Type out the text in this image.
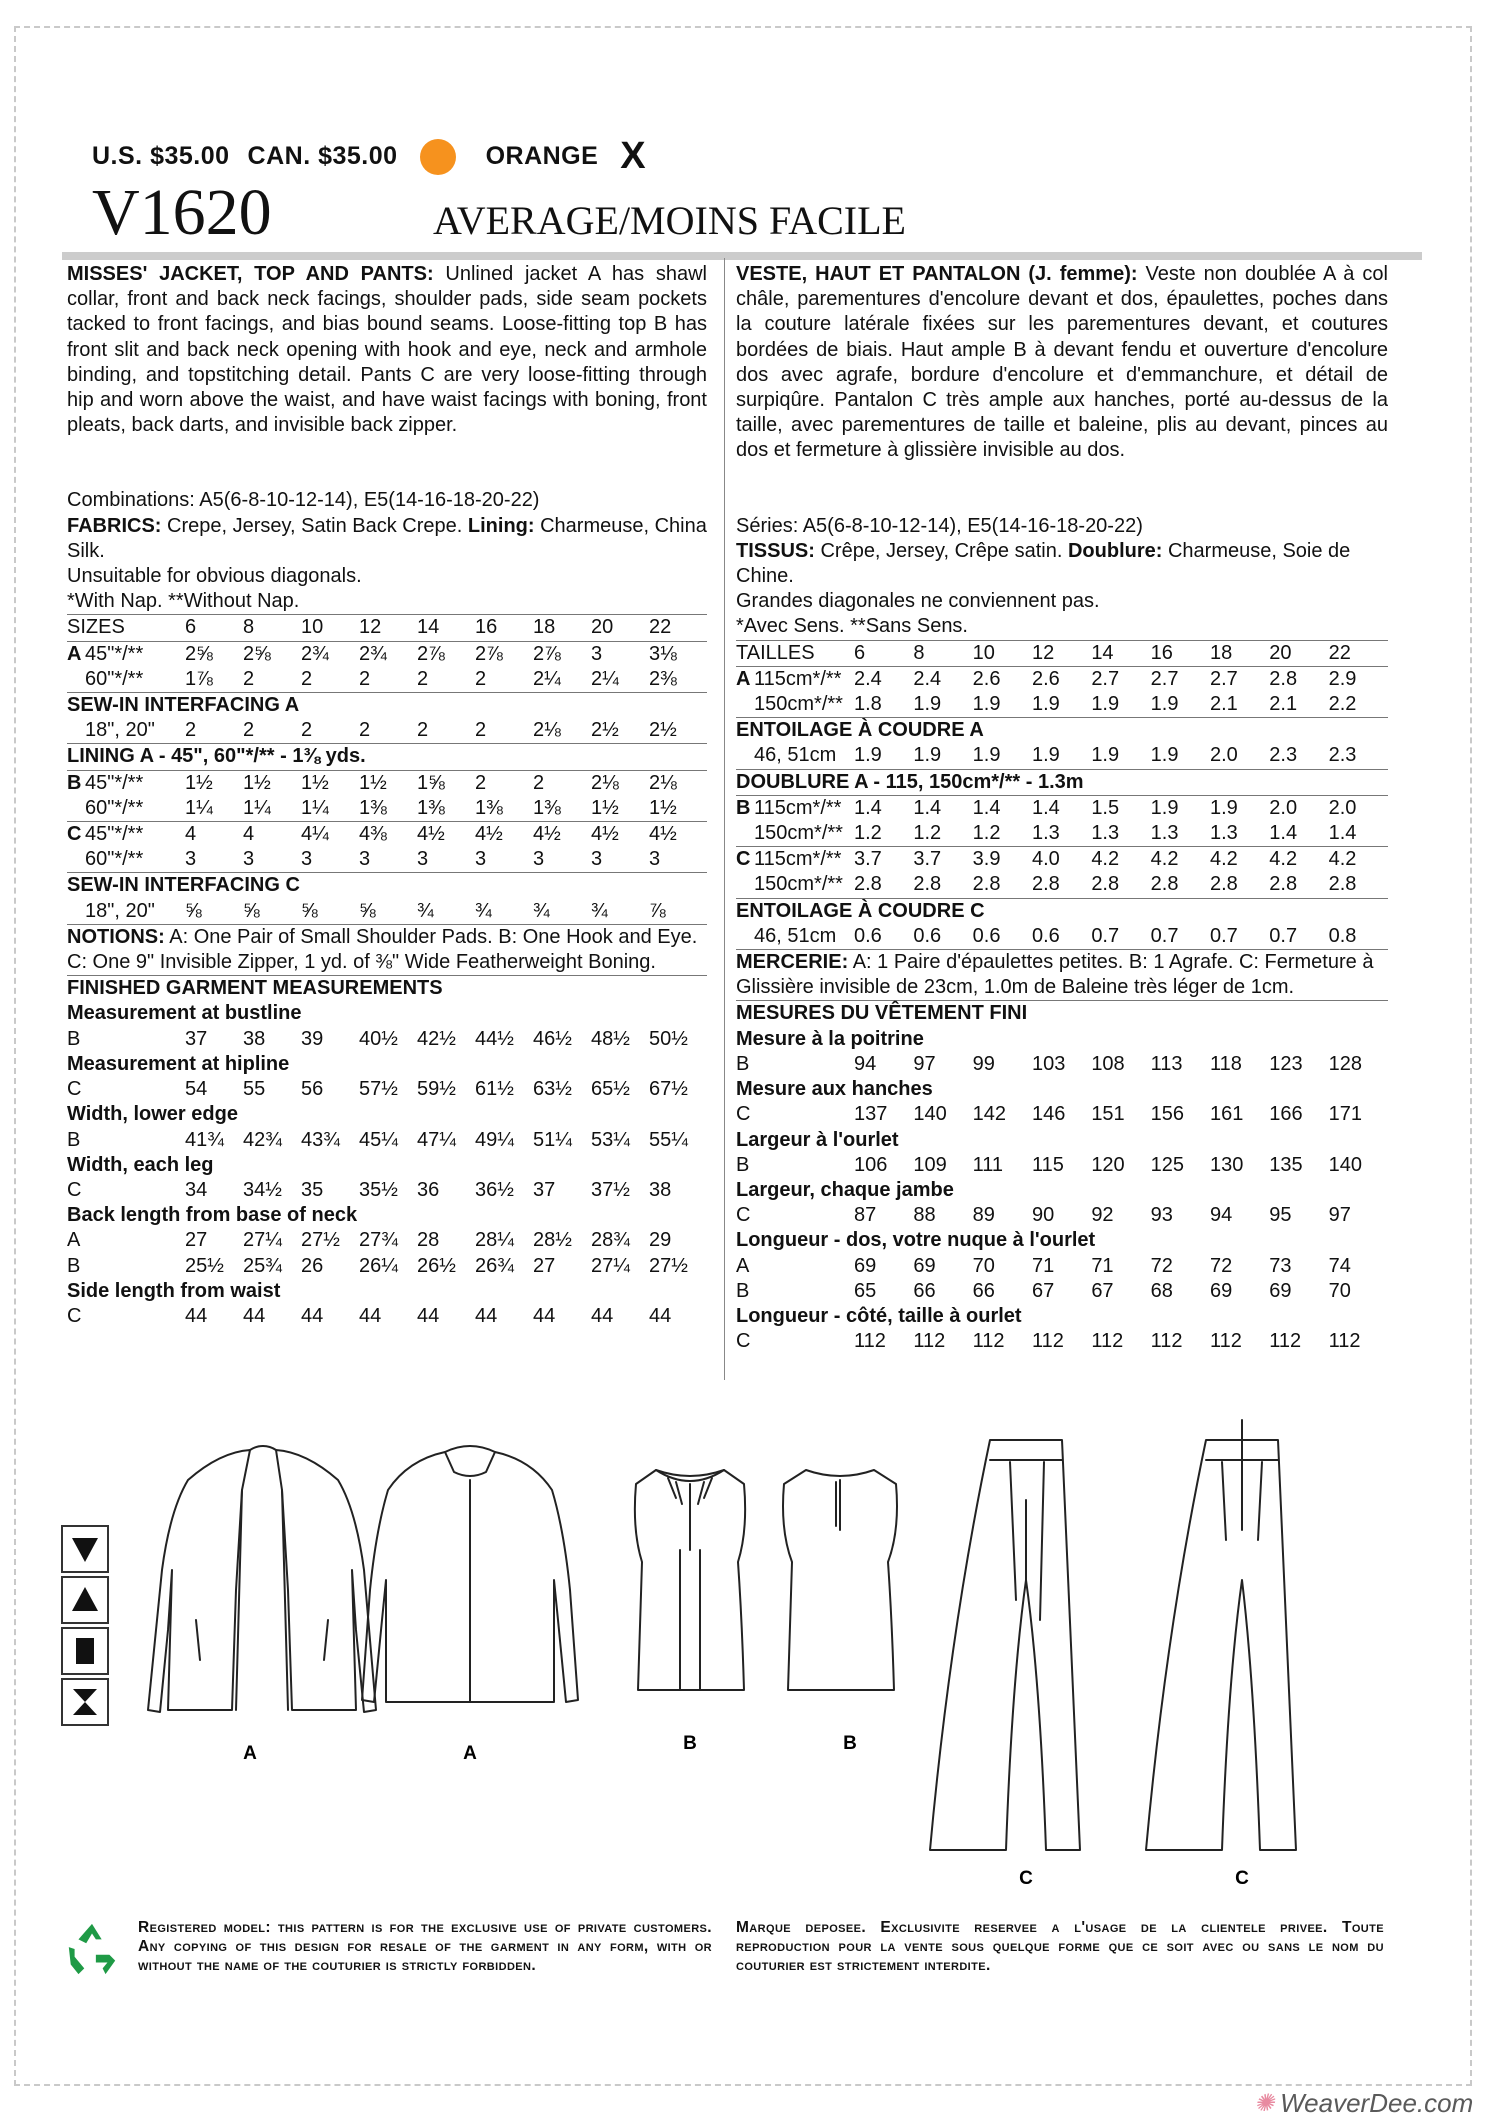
U.S. $35.00 CAN. $35.00	ORANGE X
V1620	AVERAGE/MOINS FACILE

MISSES' JACKET, TOP AND PANTS: Unlined jacket A has shawl collar, front and back neck facings, shoulder pads, side seam pockets tacked to front facings, and bias bound seams. Loose-fitting top B has front slit and back neck opening with hook and eye, neck and armhole binding, and topstitching detail. Pants C are very loose-fitting through hip and worn above the waist, and have waist facings with boning, front pleats, back darts, and invisible back zipper.

Combinations: A5(6-8-10-12-14), E5(14-16-18-20-22)

FABRICS: Crepe, Jersey, Satin Back Crepe. Lining: Charmeuse, China Silk.

Unsuitable for obvious diagonals.

*With Nap. **Without Nap.

SIZES		6	8	10	12	14	16	18	20	22
A	45"*/**	2⅝	2⅝	2¾	2¾	2⅞	2⅞	2⅞	3	3⅛
	60"*/**	1⅞	2	2	2	2	2	2¼	2¼	2⅜
SEW-IN INTERFACING A										
	18", 20"	2	2	2	2	2	2	2⅛	2½	2½
LINING A - 45", 60"*/** - 1⅜ yds.										
B	45"*/**	1½	1½	1½	1½	1⅝	2	2	2⅛	2⅛
	60"*/**	1¼	1¼	1¼	1⅜	1⅜	1⅜	1⅜	1½	1½
C	45"*/**	4	4	4¼	4⅜	4½	4½	4½	4½	4½
	60"*/**	3	3	3	3	3	3	3	3	3
SEW-IN INTERFACING C										
	18", 20"	⅝	⅝	⅝	⅝	¾	¾	¾	¾	⅞

NOTIONS: A: One Pair of Small Shoulder Pads. B: One Hook and Eye. C: One 9" Invisible Zipper, 1 yd. of ⅜" Wide Featherweight Boning.

FINISHED GARMENT MEASUREMENTS									
Measurement at bustline									
B	37	38	39	40½	42½	44½	46½	48½	50½
Measurement at hipline									
C	54	55	56	57½	59½	61½	63½	65½	67½
Width, lower edge									
B	41¾	42¾	43¾	45¼	47¼	49¼	51¼	53¼	55¼
Width, each leg									
C	34	34½	35	35½	36	36½	37	37½	38
Back length from base of neck									
A	27	27¼	27½	27¾	28	28¼	28½	28¾	29
B	25½	25¾	26	26¼	26½	26¾	27	27¼	27½
Side length from waist									
C	44	44	44	44	44	44	44	44	44

VESTE, HAUT ET PANTALON (J. femme): Veste non doublée A à col châle, parementures d'encolure devant et dos, épaulettes, poches dans la couture latérale fixées sur les parementures devant, et coutures bordées de biais. Haut ample B à devant fendu et ouverture d'encolure dos avec agrafe, bordure d'encolure et d'emmanchure, et détail de surpiqûre. Pantalon C très ample aux hanches, porté au-dessus de la taille, avec parementures de taille et baleine, plis au devant, pinces au dos et fermeture à glissière invisible au dos.

Séries: A5(6-8-10-12-14), E5(14-16-18-20-22)

TISSUS: Crêpe, Jersey, Crêpe satin. Doublure: Charmeuse, Soie de Chine.

Grandes diagonales ne conviennent pas.

*Avec Sens. **Sans Sens.

TAILLES		6	8	10	12	14	16	18	20	22
A	115cm*/**	2.4	2.4	2.6	2.6	2.7	2.7	2.7	2.8	2.9
	150cm*/**	1.8	1.9	1.9	1.9	1.9	1.9	2.1	2.1	2.2
ENTOILAGE À COUDRE A										
	46, 51cm	1.9	1.9	1.9	1.9	1.9	1.9	2.0	2.3	2.3
DOUBLURE A - 115, 150cm*/** - 1.3m										
B	115cm*/**	1.4	1.4	1.4	1.4	1.5	1.9	1.9	2.0	2.0
	150cm*/**	1.2	1.2	1.2	1.3	1.3	1.3	1.3	1.4	1.4
C	115cm*/**	3.7	3.7	3.9	4.0	4.2	4.2	4.2	4.2	4.2
	150cm*/**	2.8	2.8	2.8	2.8	2.8	2.8	2.8	2.8	2.8
ENTOILAGE À COUDRE C										
	46, 51cm	0.6	0.6	0.6	0.6	0.7	0.7	0.7	0.7	0.8

MERCERIE: A: 1 Paire d'épaulettes petites. B: 1 Agrafe. C: Fermeture à Glissière invisible de 23cm, 1.0m de Baleine très léger de 1cm.

MESURES DU VÊTEMENT FINI									
Mesure à la poitrine									
B	94	97	99	103	108	113	118	123	128
Mesure aux hanches									
C	137	140	142	146	151	156	161	166	171
Largeur à l'ourlet									
B	106	109	111	115	120	125	130	135	140
Largeur, chaque jambe									
C	87	88	89	90	92	93	94	95	97
Longueur - dos, votre nuque à l'ourlet									
A	69	69	70	71	71	72	72	73	74
B	65	66	66	67	67	68	69	69	70
Longueur - côté, taille à ourlet									
C	112	112	112	112	112	112	112	112	112
A	A	B	B
C	C
Registered model: this pattern is for the exclusive use of private customers. Any copying of this design for resale of the garment in any form, with or without the name of the couturier is strictly forbidden.
Marque deposee. Exclusivite reservee a l'usage de la clientele privee. Toute reproduction pour la vente sous quelque forme que ce soit avec ou sans le nom du couturier est strictement interdite.
✺ WeaverDee.com
